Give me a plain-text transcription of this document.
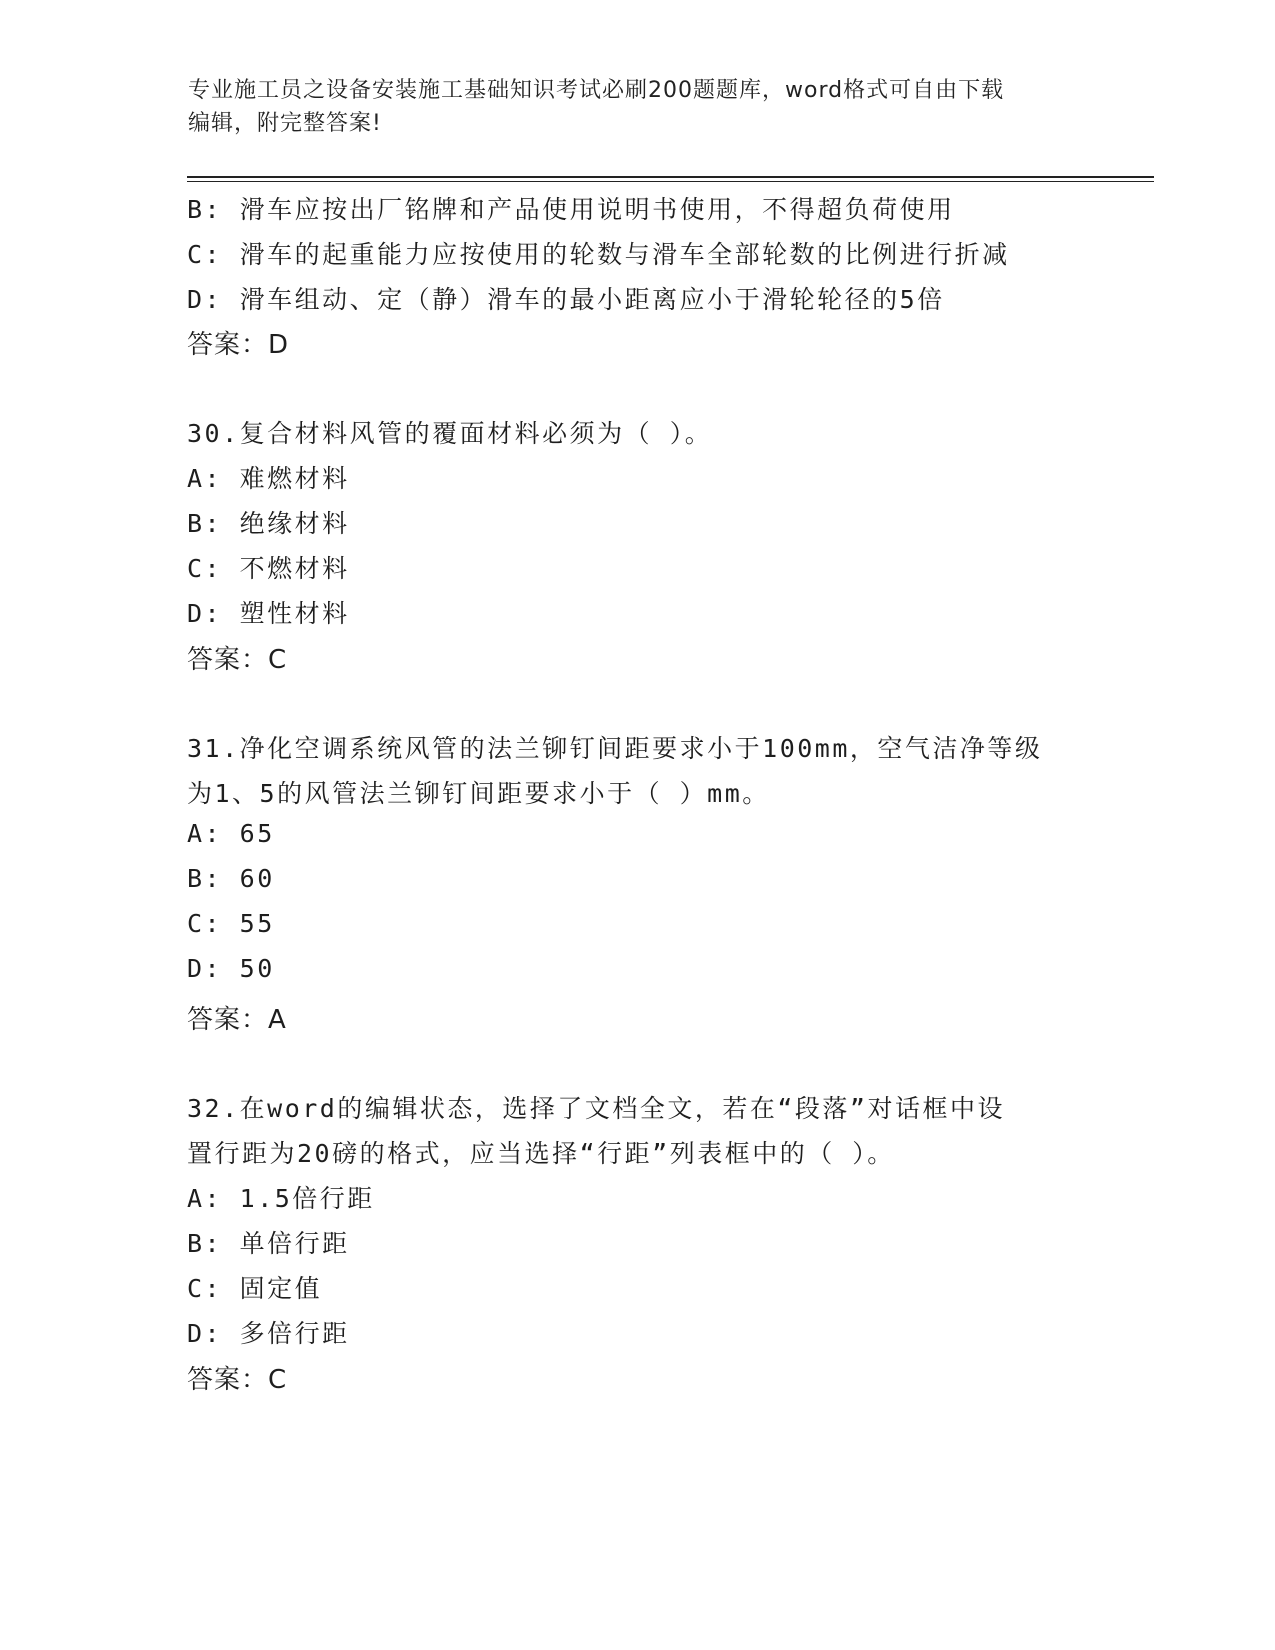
专业施工员之设备安装施工基础知识考试必刷200题题库，word格式可自由下载
编辑，附完整答案!
B: 滑车应按出厂铭牌和产品使用说明书使用，不得超负荷使用
C: 滑车的起重能力应按使用的轮数与滑车全部轮数的比例进行折减
D: 滑车组动、定（静）滑车的最小距离应小于滑轮轮径的5倍
答案：D
30.复合材料风管的覆面材料必须为（ ）。
A: 难燃材料
B: 绝缘材料
C: 不燃材料
D: 塑性材料
答案：C
31.净化空调系统风管的法兰铆钉间距要求小于100mm，空气洁净等级
为1、5的风管法兰铆钉间距要求小于（ ）mm。
A: 65
B: 60
C: 55
D: 50
答案：A
32.在word的编辑状态，选择了文档全文，若在“段落”对话框中设
置行距为20磅的格式，应当选择“行距”列表框中的（ ）。
A: 1.5倍行距
B: 单倍行距
C: 固定值
D: 多倍行距
答案：C
